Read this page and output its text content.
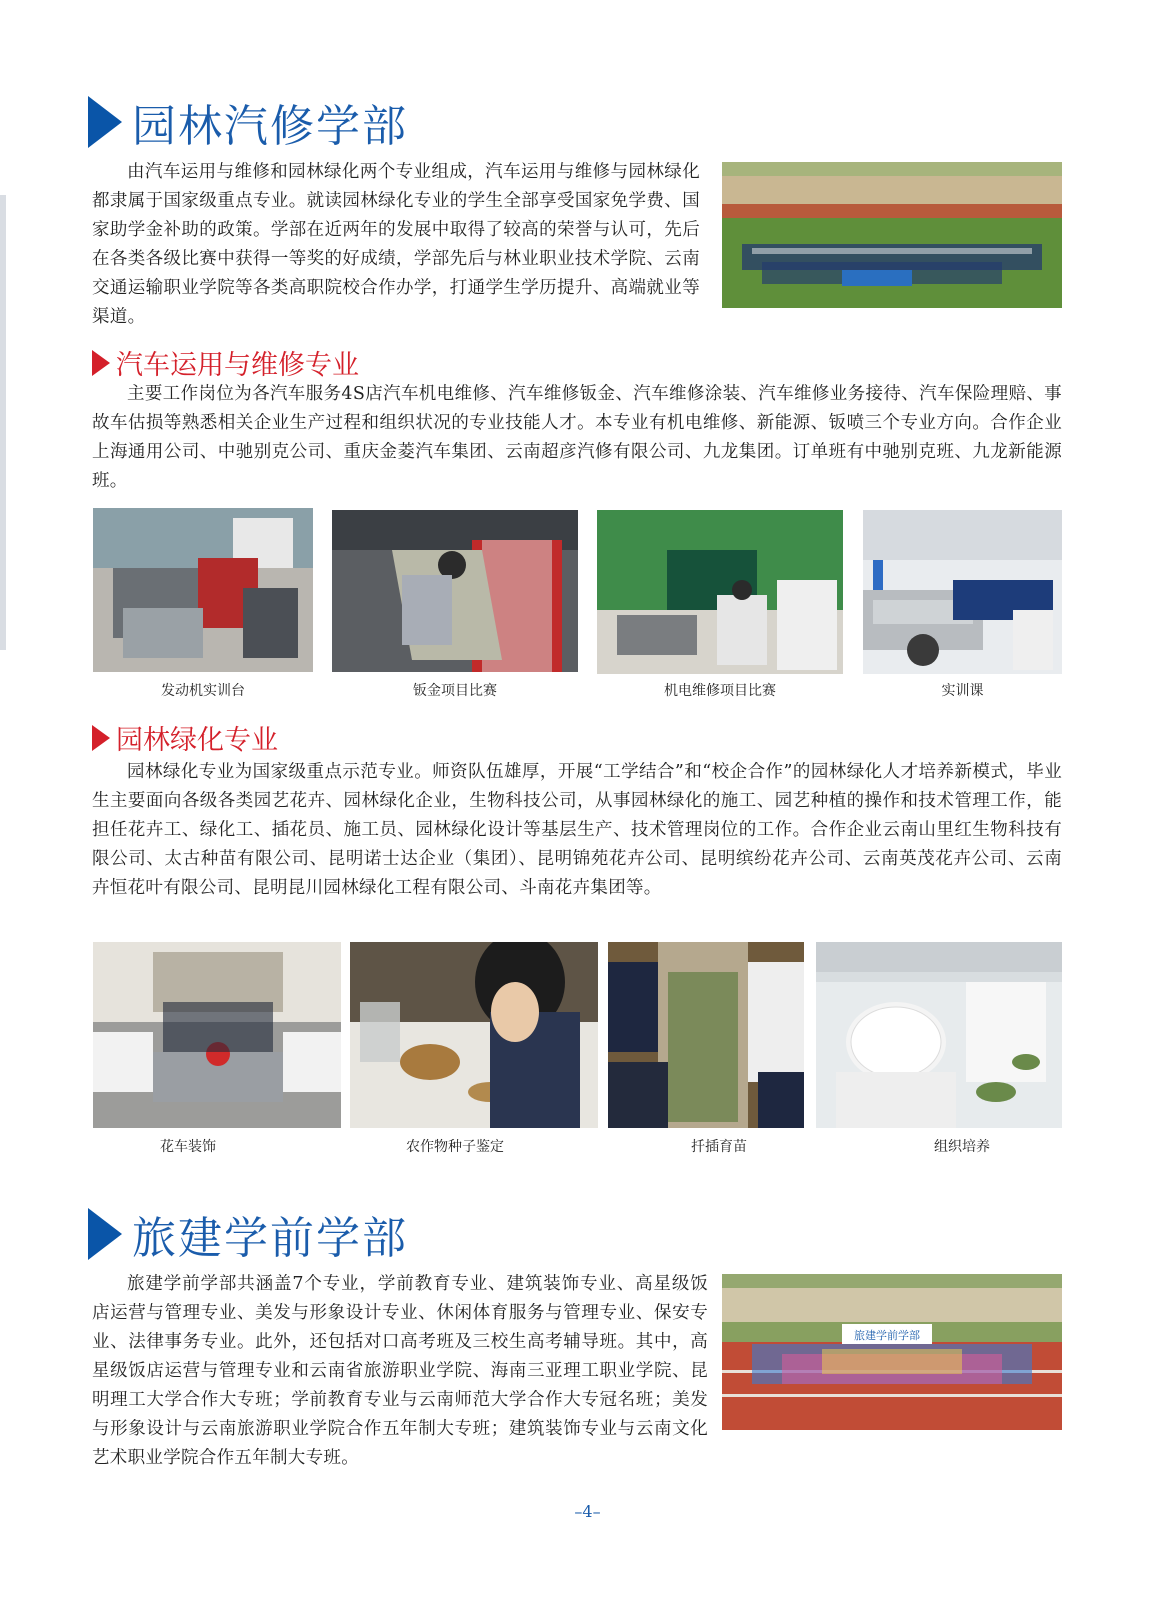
园林汽修学部

由汽车运用与维修和园林绿化两个专业组成，汽车运用与维修与园林绿化都隶属于国家级重点专业。就读园林绿化专业的学生全部享受国家免学费、国家助学金补助的政策。学部在近两年的发展中取得了较高的荣誉与认可，先后在各类各级比赛中获得一等奖的好成绩，学部先后与林业职业技术学院、云南交通运输职业学院等各类高职院校合作办学，打通学生学历提升、高端就业等渠道。

汽车运用与维修专业

主要工作岗位为各汽车服务4S店汽车机电维修、汽车维修钣金、汽车维修涂装、汽车维修业务接待、汽车保险理赔、事故车估损等熟悉相关企业生产过程和组织状况的专业技能人才。本专业有机电维修、新能源、钣喷三个专业方向。合作企业上海通用公司、中驰别克公司、重庆金菱汽车集团、云南超彦汽修有限公司、九龙集团。订单班有中驰别克班、九龙新能源班。

发动机实训台	钣金项目比赛	机电维修项目比赛	实训课
园林绿化专业

园林绿化专业为国家级重点示范专业。师资队伍雄厚，开展“工学结合”和“校企合作”的园林绿化人才培养新模式，毕业生主要面向各级各类园艺花卉、园林绿化企业，生物科技公司，从事园林绿化的施工、园艺种植的操作和技术管理工作，能担任花卉工、绿化工、插花员、施工员、园林绿化设计等基层生产、技术管理岗位的工作。合作企业云南山里红生物科技有限公司、太古种苗有限公司、昆明诺士达企业（集团）、昆明锦苑花卉公司、昆明缤纷花卉公司、云南英茂花卉公司、云南卉恒花叶有限公司、昆明昆川园林绿化工程有限公司、斗南花卉集团等。

花车装饰	农作物种子鉴定	扦插育苗	组织培养
旅建学前学部
旅建学前学部

旅建学前学部共涵盖7个专业，学前教育专业、建筑装饰专业、高星级饭店运营与管理专业、美发与形象设计专业、休闲体育服务与管理专业、保安专业、法律事务专业。此外，还包括对口高考班及三校生高考辅导班。其中，高星级饭店运营与管理专业和云南省旅游职业学院、海南三亚理工职业学院、昆明理工大学合作大专班；学前教育专业与云南师范大学合作大专冠名班；美发与形象设计与云南旅游职业学院合作五年制大专班；建筑装饰专业与云南文化艺术职业学院合作五年制大专班。

–4–
